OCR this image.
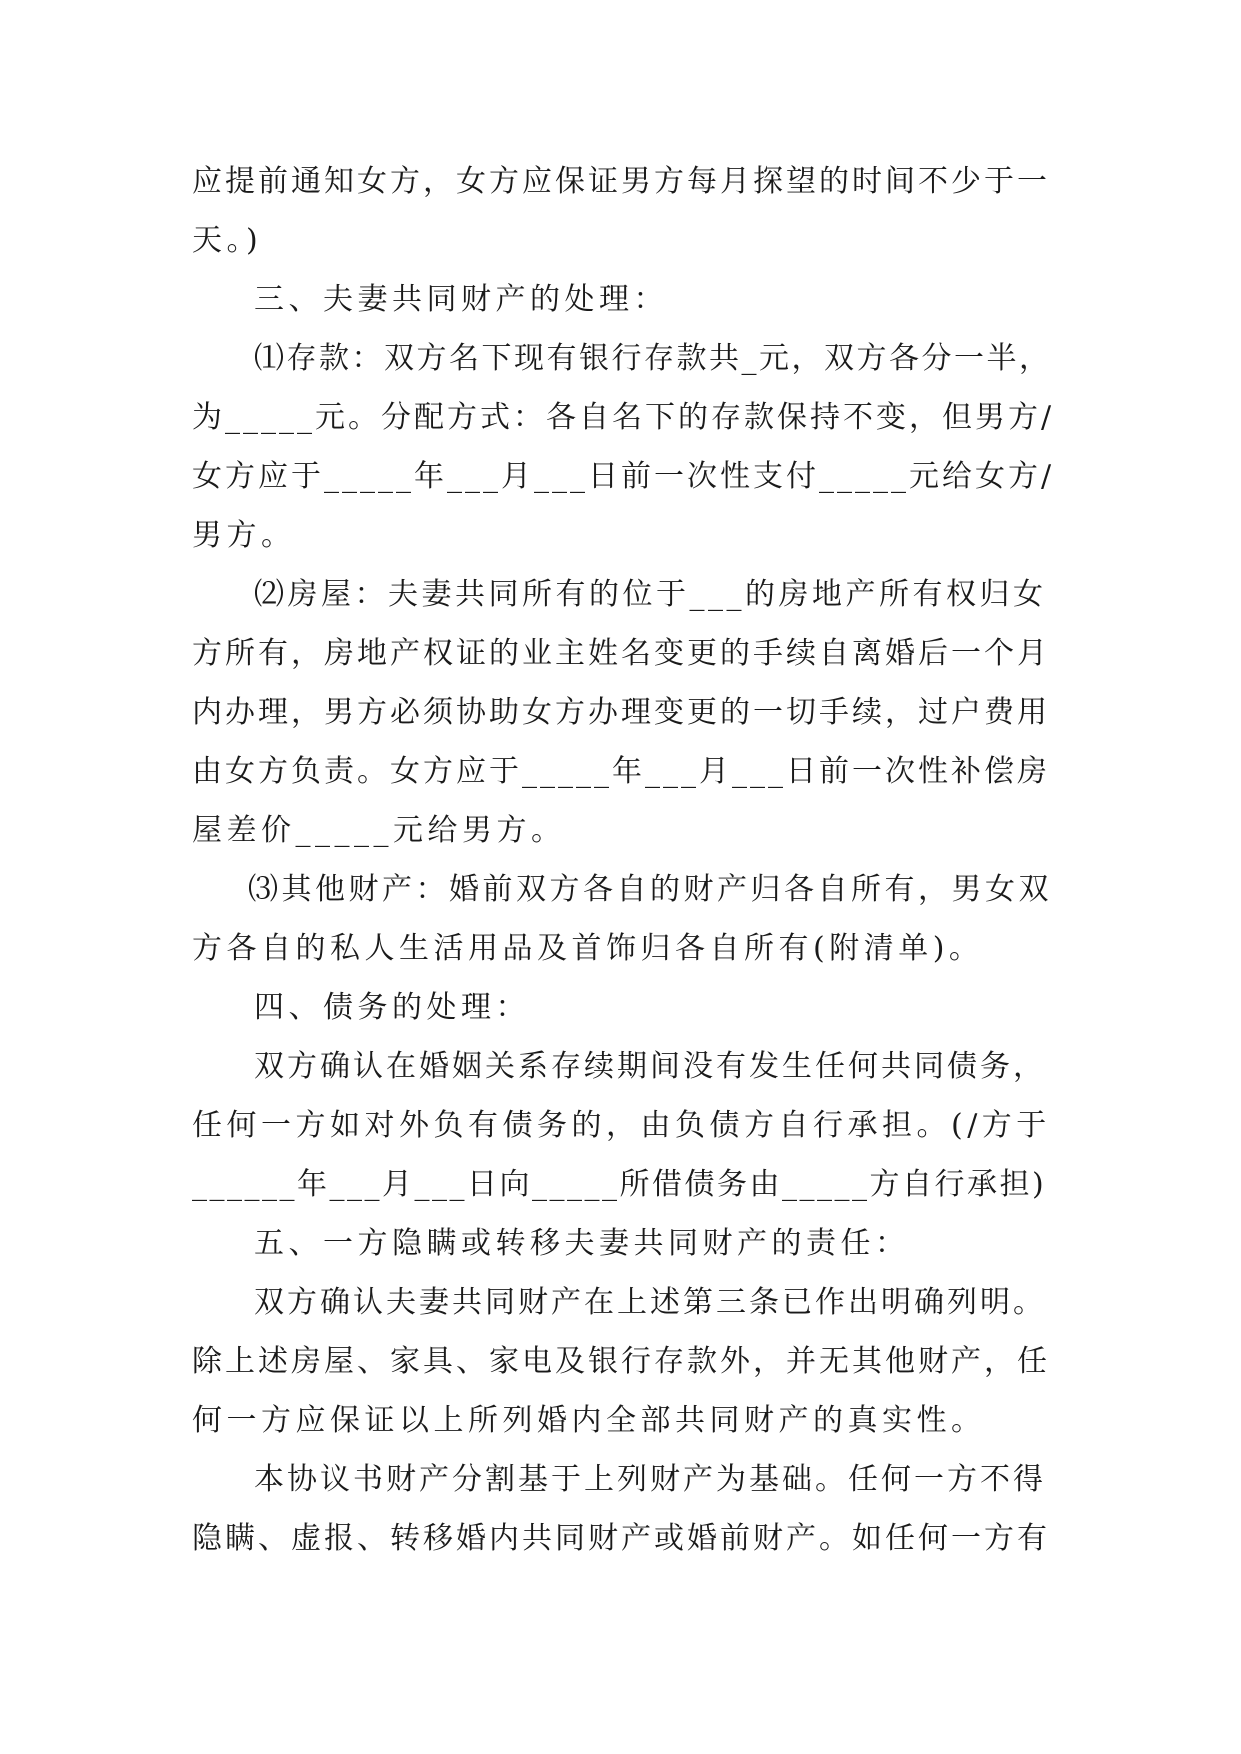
应提前通知女方，女方应保证男方每月探望的时间不少于一
天。)
三、夫妻共同财产的处理：
⑴存款：双方名下现有银行存款共_元，双方各分一半，
为_____元。分配方式：各自名下的存款保持不变，但男方/
女方应于_____年___月___日前一次性支付_____元给女方/
男方。
⑵房屋：夫妻共同所有的位于___的房地产所有权归女
方所有，房地产权证的业主姓名变更的手续自离婚后一个月
内办理，男方必须协助女方办理变更的一切手续，过户费用
由女方负责。女方应于_____年___月___日前一次性补偿房
屋差价_____元给男方。
⑶其他财产：婚前双方各自的财产归各自所有，男女双
方各自的私人生活用品及首饰归各自所有(附清单)。
四、债务的处理：
双方确认在婚姻关系存续期间没有发生任何共同债务，
任何一方如对外负有债务的，由负债方自行承担。(/方于
______年___月___日向_____所借债务由_____方自行承担)
五、一方隐瞒或转移夫妻共同财产的责任：
双方确认夫妻共同财产在上述第三条已作出明确列明。
除上述房屋、家具、家电及银行存款外，并无其他财产，任
何一方应保证以上所列婚内全部共同财产的真实性。
本协议书财产分割基于上列财产为基础。任何一方不得
隐瞒、虚报、转移婚内共同财产或婚前财产。如任何一方有
